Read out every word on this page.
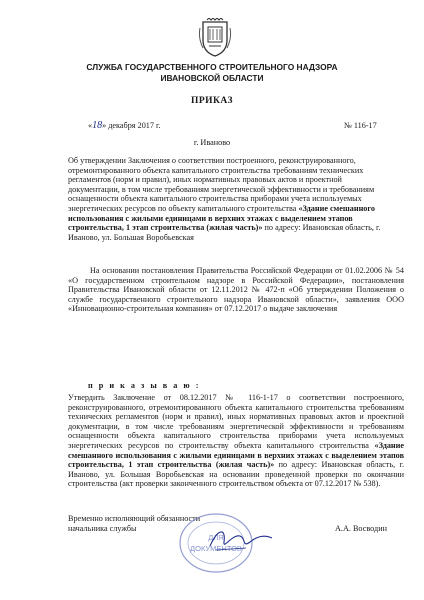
СЛУЖБА ГОСУДАРСТВЕННОГО СТРОИТЕЛЬНОГО НАДЗОРА
ИВАНОВСКОЙ ОБЛАСТИ
ПРИКАЗ
«18» декабря 2017 г.	№ 116-17
г. Иваново

Об утверждении Заключения о соответствии построенного, реконструированного, отремонтированного объекта капитального строительства требованиям технических регламентов (норм и правил), иных нормативных правовых актов и проектной документации, в том числе требованиям энергетической эффективности и требованиям оснащенности объекта капитального строительства приборами учета используемых энергетических ресурсов по объекту капитального строительства «Здание смешанного использования с жилыми единицами в верхних этажах с выделением этапов строительства, 1 этап строительства (жилая часть)» по адресу: Ивановская область, г. Иваново, ул. Большая Воробьевская

На основании постановления Правительства Российской Федерации от 01.02.2006 № 54 «О государственном строительном надзоре в Российской Федерации», постановления Правительства Ивановской области от 12.11.2012 № 472-п «Об утверждении Положения о службе государственного строительного надзора Ивановской области», заявления ООО «Инновационно-строительная компания» от 07.12.2017 о выдаче заключения

п р и к а з ы в а ю :

Утвердить Заключение от 08.12.2017 № 116-1-17 о соответствии построенного, реконструированного, отремонтированного объекта капитального строительства требованиям технических регламентов (норм и правил), иных нормативных правовых актов и проектной документации, в том числе требованиям энергетической эффективности и требованиям оснащенности объекта капитального строительства приборами учета используемых энергетических ресурсов по строительству объекта капитального строительства «Здание смешанного использования с жилыми единицами в верхних этажах с выделением этапов строительства, 1 этап строительства (жилая часть)» по адресу: Ивановская область, г. Иваново, ул. Большая Воробьевская на основании проведенной проверки по окончании строительства (акт проверки законченного строительством объекта от 07.12.2017 № 538).

Временно исполняющий обязанности
начальника службы
ДЛЯ
ДОКУМЕНТОВ
А.А. Восводин
